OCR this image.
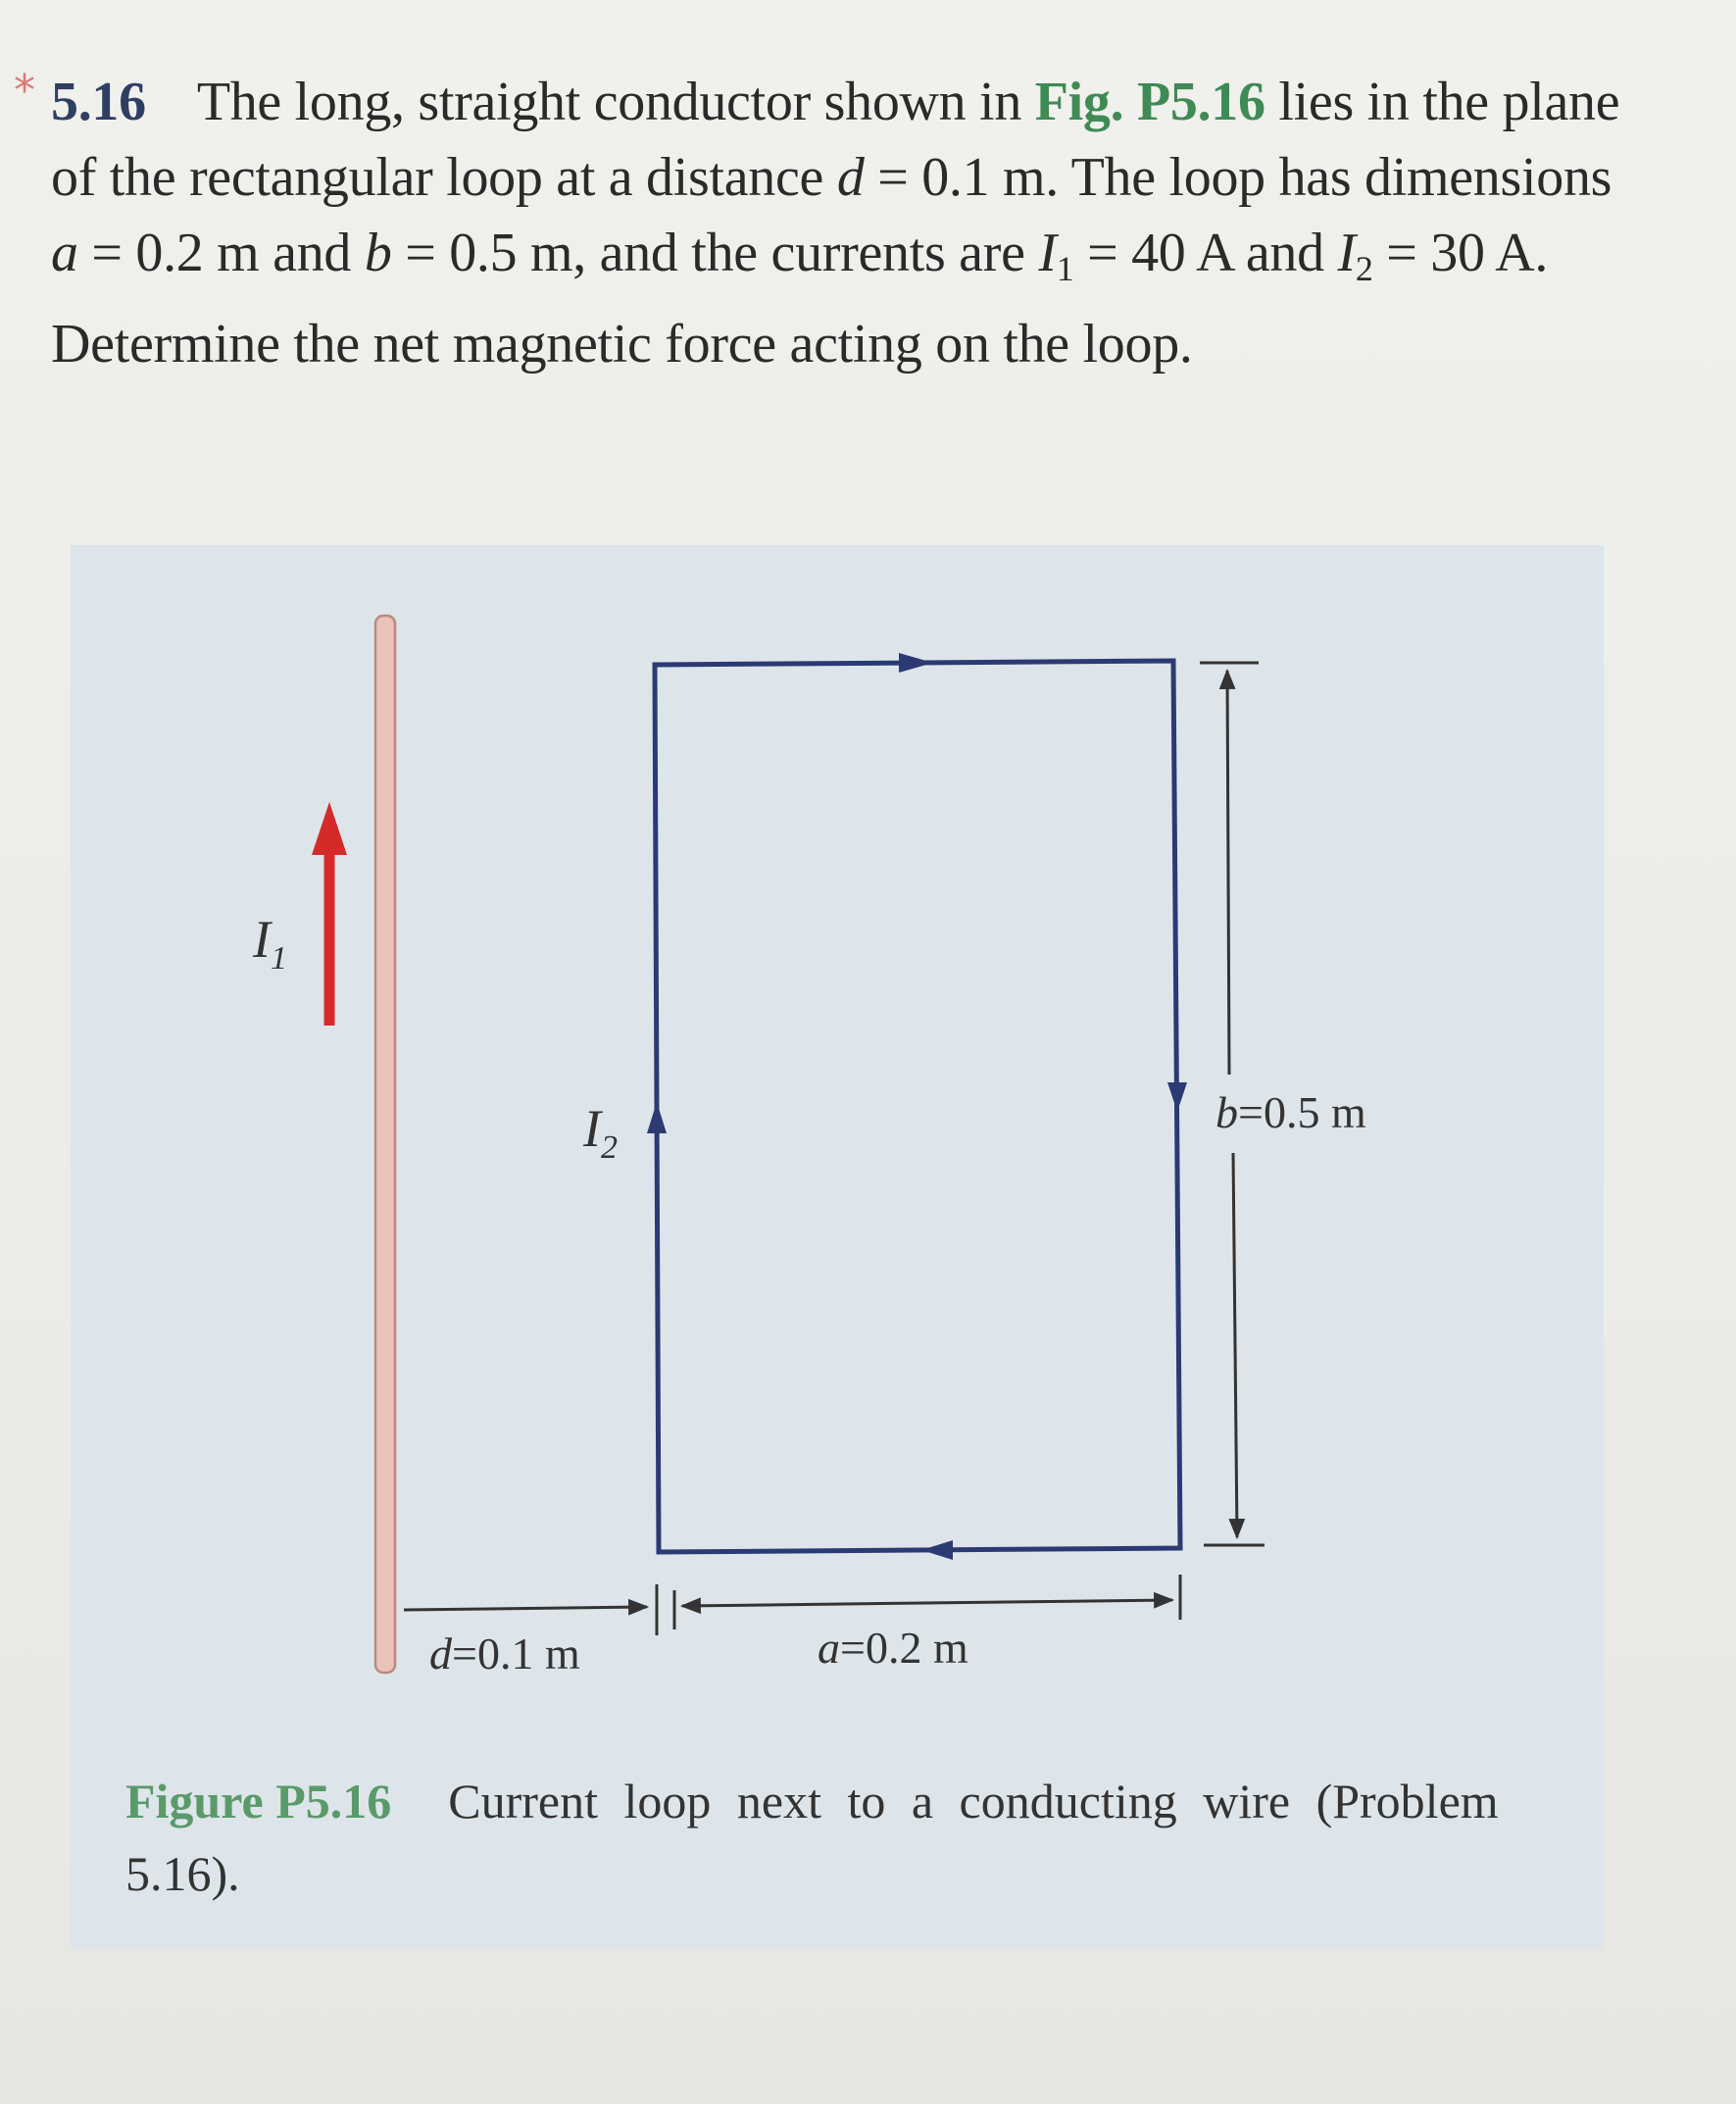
* 5.16 The long, straight conductor shown in Fig. P5.16 lies in the plane of the rectangular loop at a distance d = 0.1 m. The loop has dimensions a = 0.2 m and b = 0.5 m, and the currents are $I_1 = 40$ A and $I_2 = 30$ A. Determine the net magnetic force acting on the loop.
$I_1$
$I_2$
b=0.5 m
d=0.1 m	a=0.2 m
Figure P5.16 Current loop next to a conducting wire (Problem 5.16).
